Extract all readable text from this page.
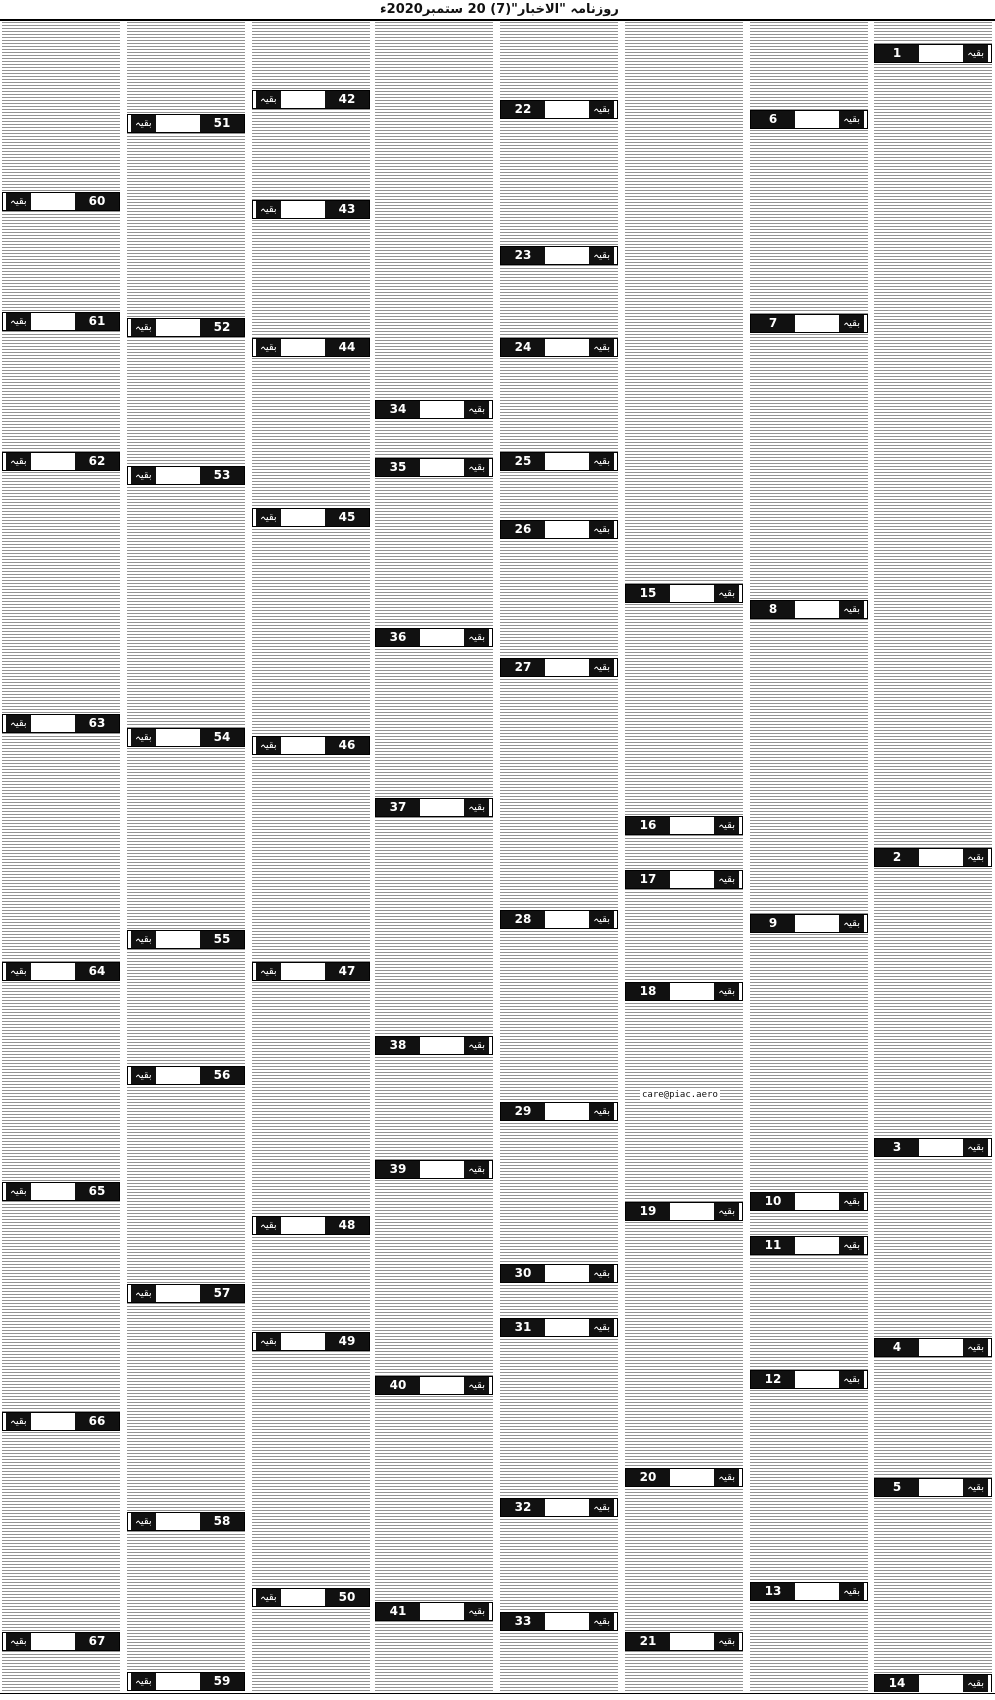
روزنامہ "الاخبار"(7) 20 ستمبر2020ء
1	بقیہ
2	بقیہ
3	بقیہ
4	بقیہ
5	بقیہ
14	بقیہ
6	بقیہ
7	بقیہ
8	بقیہ
9	بقیہ
10	بقیہ
11	بقیہ
12	بقیہ
13	بقیہ
15	بقیہ
16	بقیہ
17	بقیہ
18	بقیہ
19	بقیہ
20	بقیہ
21	بقیہ
22	بقیہ
23	بقیہ
24	بقیہ
25	بقیہ
26	بقیہ
27	بقیہ
28	بقیہ
29	بقیہ
30	بقیہ
31	بقیہ
32	بقیہ
33	بقیہ
34	بقیہ
35	بقیہ
36	بقیہ
37	بقیہ
38	بقیہ
39	بقیہ
40	بقیہ
41	بقیہ
42
بقیہ
43
بقیہ
44
بقیہ
45
بقیہ
46
بقیہ
47
بقیہ
48
بقیہ
49
بقیہ
50
بقیہ
51
بقیہ
52
بقیہ
53
بقیہ
54
بقیہ
55
بقیہ
56
بقیہ
57
بقیہ
58
بقیہ
59
بقیہ
60
بقیہ
61
بقیہ
62
بقیہ
63
بقیہ
64
بقیہ
65
بقیہ
66
بقیہ
67
بقیہ
care@piac.aero
